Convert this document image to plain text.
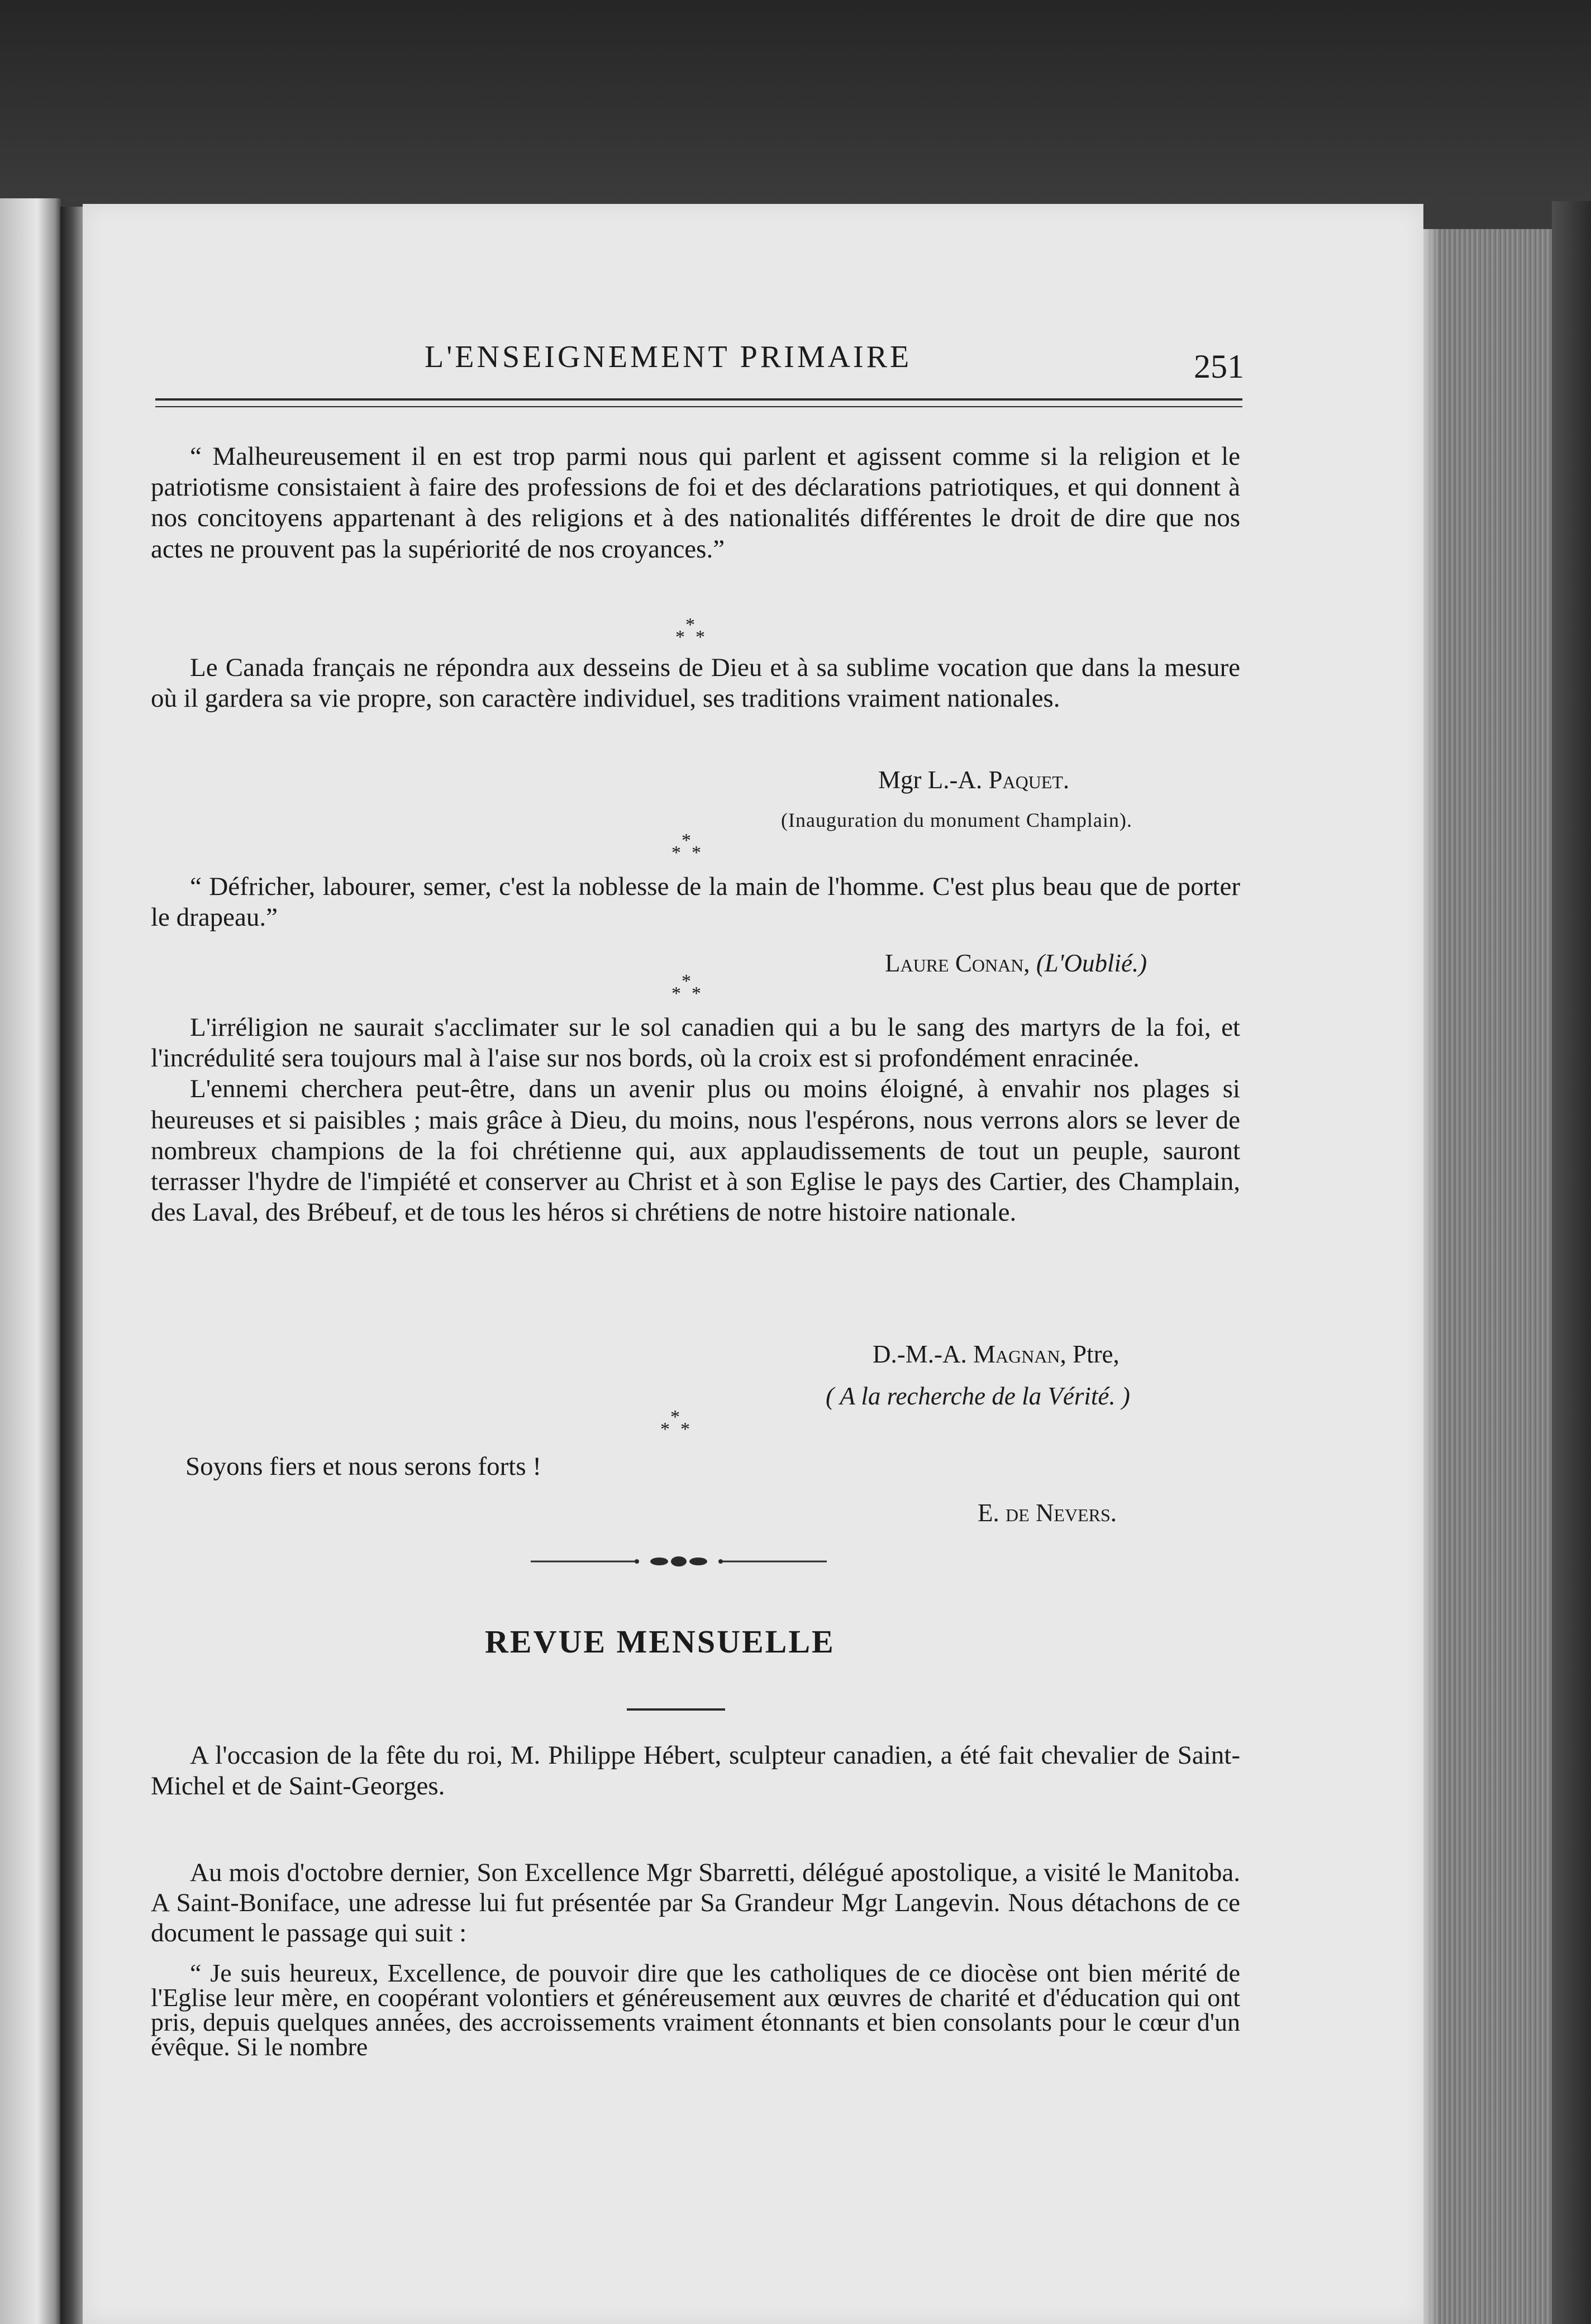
L'ENSEIGNEMENT PRIMAIRE	251

“ Malheureusement il en est trop parmi nous qui parlent et agissent comme si la religion et le patriotisme consistaient à faire des professions de foi et des déclarations patriotiques, et qui donnent à nos concitoyens appartenant à des religions et à des nationalités différentes le droit de dire que nos actes ne prouvent pas la supériorité de nos croyances.”

*
* *

Le Canada français ne répondra aux desseins de Dieu et à sa sublime vocation que dans la mesure où il gardera sa vie propre, son caractère individuel, ses traditions vraiment nationales.

Mgr L.-A. Paquet.
(Inauguration du monument Champlain).
*
* *

“ Défricher, labourer, semer, c'est la noblesse de la main de l'homme. C'est plus beau que de porter le drapeau.”

Laure Conan, (L'Oublié.)
*
* *

L'irréligion ne saurait s'acclimater sur le sol canadien qui a bu le sang des martyrs de la foi, et l'incrédulité sera toujours mal à l'aise sur nos bords, où la croix est si profondément enracinée.

L'ennemi cherchera peut-être, dans un avenir plus ou moins éloigné, à envahir nos plages si heureuses et si paisibles ; mais grâce à Dieu, du moins, nous l'espérons, nous verrons alors se lever de nombreux champions de la foi chrétienne qui, aux applaudissements de tout un peuple, sauront terrasser l'hydre de l'impiété et conserver au Christ et à son Eglise le pays des Cartier, des Champlain, des Laval, des Brébeuf, et de tous les héros si chrétiens de notre histoire nationale.

D.-M.-A. Magnan, Ptre,
( A la recherche de la Vérité. )
*
* *
Soyons fiers et nous serons forts !
E. de Nevers.
REVUE MENSUELLE

A l'occasion de la fête du roi, M. Philippe Hébert, sculpteur canadien, a été fait chevalier de Saint-Michel et de Saint-Georges.

Au mois d'octobre dernier, Son Excellence Mgr Sbarretti, délégué apostolique, a visité le Manitoba. A Saint-Boniface, une adresse lui fut présentée par Sa Grandeur Mgr Langevin. Nous détachons de ce document le passage qui suit :

“ Je suis heureux, Excellence, de pouvoir dire que les catholiques de ce diocèse ont bien mérité de l'Eglise leur mère, en coopérant volontiers et généreusement aux œuvres de charité et d'éducation qui ont pris, depuis quelques années, des accroissements vraiment étonnants et bien consolants pour le cœur d'un évêque. Si le nombre
